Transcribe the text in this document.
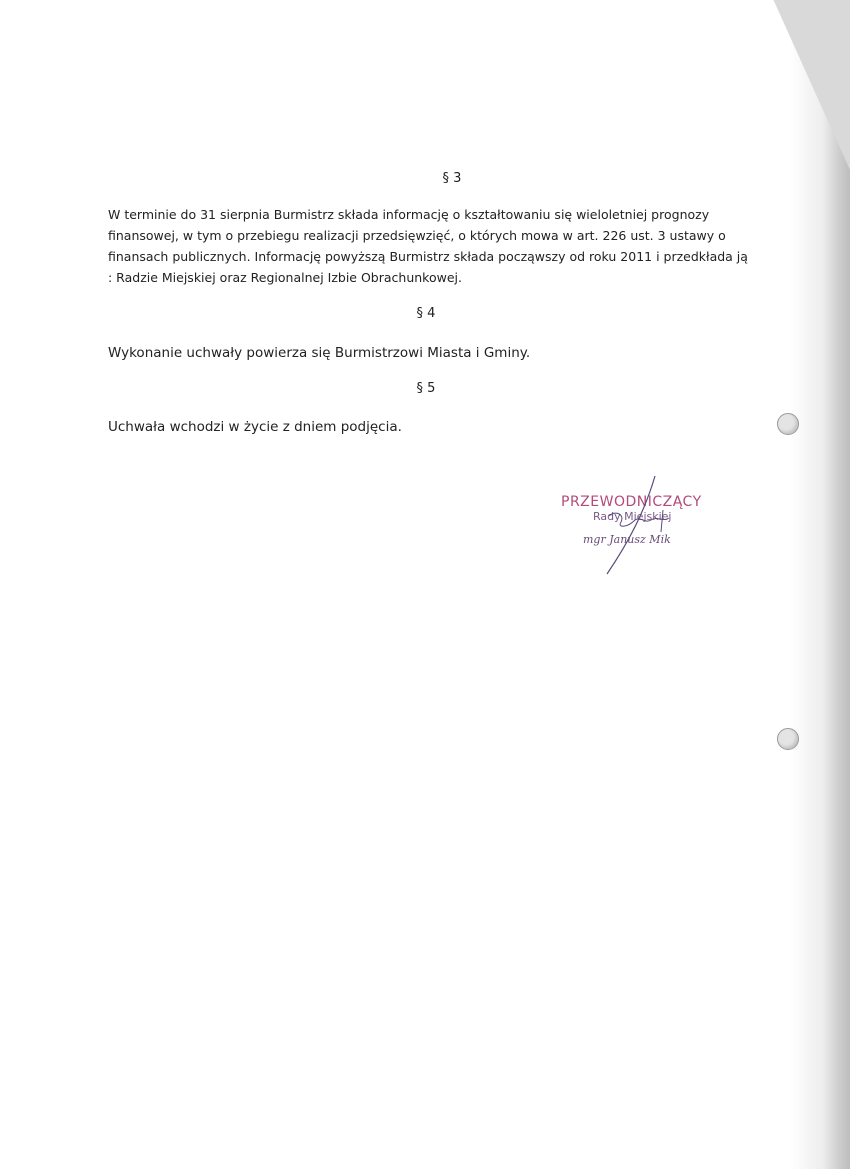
§ 3
W terminie do 31 sierpnia Burmistrz składa informację o kształtowaniu się wieloletniej prognozy
finansowej, w tym o przebiegu realizacji przedsięwzięć, o których mowa w art. 226 ust. 3 ustawy o
finansach publicznych. Informację powyższą Burmistrz składa począwszy od roku 2011 i przedkłada ją
: Radzie Miejskiej oraz Regionalnej Izbie Obrachunkowej.
§ 4
Wykonanie uchwały powierza się Burmistrzowi Miasta i Gminy.
§ 5
Uchwała wchodzi w życie z dniem podjęcia.
PRZEWODNICZĄCY
Rady Miejskiej
mgr Janusz Mik
